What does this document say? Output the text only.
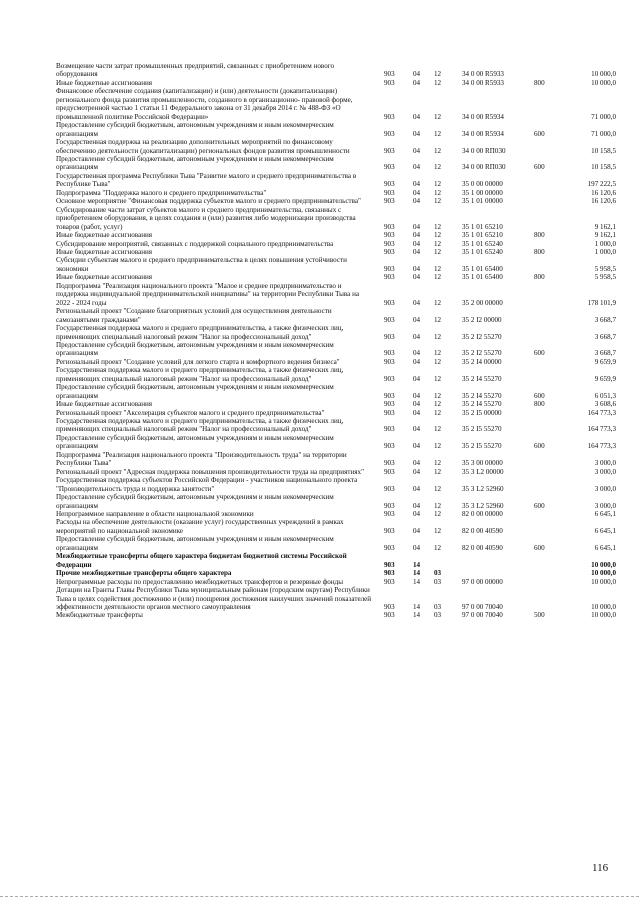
Возмещение части затрат промышленных предприятий, связанных с приобретением нового оборудования	903	04 12	34 0 00 R5933	10 000,0
Иные бюджетные ассигнования	903	04 12	34 0 00 R5933	800	10 000,0
Финансовое обеспечение создания (капитализации) и (или) деятельности (докапитализации) регионального фонда развития промышленности, созданного в организационно- правовой форме, предусмотренной частью 1 статьи 11 Федерального закона от 31 декабря 2014 г. № 488-ФЗ «О промышленной политике Российской Федерации»	903	04 12	34 0 00 R5934	71 000,0
Предоставление субсидий бюджетным, автономным учреждениям и иным некоммерческим организациям	903	04 12	34 0 00 R5934	600	71 000,0
Государственная поддержка на реализацию дополнительных мероприятий по финансовому обеспечению деятельности (докапитализации) региональных фондов развития промышленности	903	04 12	34 0 00 RП030	10 158,5
Предоставление субсидий бюджетным, автономным учреждениям и иным некоммерческим организациям	903	04 12	34 0 00 RП030	600	10 158,5
Государственная программа Республики Тыва "Развитие малого и среднего предпринимательства в Республике Тыва"	903	04 12	35 0 00 00000	197 222,5
Подпрограмма "Поддержка малого и среднего предпринимательства"	903	04 12	35 1 00 00000	16 120,6
Основное мероприятие "Финансовая поддержка субъектов малого и среднего предпринимательства"	903	04 12	35 1 01 00000	16 120,6
Субсидирование части затрат субъектов малого и среднего предпринимательства, связанных с приобретением оборудования, в целях создания и (или) развития либо модернизации производства товаров (работ, услуг)	903	04 12	35 1 01 65210	9 162,1
Иные бюджетные ассигнования	903	04 12	35 1 01 65210	800	9 162,1
Субсидирование мероприятий, связанных с поддержкой социального предпринимательства	903	04 12	35 1 01 65240	1 000,0
Иные бюджетные ассигнования	903	04 12	35 1 01 65240	800	1 000,0
Субсидии субъектам малого и среднего предпринимательства в целях повышения устойчивости экономики	903	04 12	35 1 01 65400	5 958,5
Иные бюджетные ассигнования	903	04 12	35 1 01 65400	800	5 958,5
Подпрограмма "Реализация национального проекта "Малое и среднее предпринимательство и поддержка индивидуальной предпринимательской инициативы" на территории Республики Тыва на 2022 - 2024 годы	903	04 12	35 2 00 00000	178 101,9
Региональный проект "Создание благоприятных условий для осуществления деятельности самозанятыми гражданами"	903	04 12	35 2 I2 00000	3 668,7
Государственная поддержка малого и среднего предпринимательства, а также физических лиц, применяющих специальный налоговый режим "Налог на профессиональный доход"	903	04 12	35 2 I2 55270	3 668,7
Предоставление субсидий бюджетным, автономным учреждениям и иным некоммерческим организациям	903	04 12	35 2 I2 55270	600	3 668,7
Региональный проект "Создание условий для легкого старта и комфортного ведения бизнеса"	903	04 12	35 2 I4 00000	9 659,9
Государственная поддержка малого и среднего предпринимательства, а также физических лиц, применяющих специальный налоговый режим "Налог на профессиональный доход"	903	04 12	35 2 I4 55270	9 659,9
Предоставление субсидий бюджетным, автономным учреждениям и иным некоммерческим организациям	903	04 12	35 2 I4 55270	600	6 051,3
Иные бюджетные ассигнования	903	04 12	35 2 I4 55270	800	3 608,6
Региональный проект "Акселерация субъектов малого и среднего предпринимательства"	903	04 12	35 2 I5 00000	164 773,3
Государственная поддержка малого и среднего предпринимательства, а также физических лиц, применяющих специальный налоговый режим "Налог на профессиональный доход"	903	04 12	35 2 I5 55270	164 773,3
Предоставление субсидий бюджетным, автономным учреждениям и иным некоммерческим организациям	903	04 12	35 2 I5 55270	600	164 773,3
Подпрограмма "Реализация национального проекта "Производительность труда" на территории Республики Тыва"	903	04 12	35 3 00 00000	3 000,0
Региональный проект "Адресная поддержка повышения производительности труда на предприятиях"	903	04 12	35 3 L2 00000	3 000,0
Государственная поддержка субъектов Российской Федерации - участников национального проекта "Производительность труда и поддержка занятости"	903	04 12	35 3 L2 52960	3 000,0
Предоставление субсидий бюджетным, автономным учреждениям и иным некоммерческим организациям	903	04 12	35 3 L2 52960	600	3 000,0
Непрограммное направление в области национальной экономики	903	04 12	82 0 00 00000	6 645,1
Расходы на обеспечение деятельности (оказание услуг) государственных учреждений в рамках мероприятий по национальной экономике	903	04 12	82 0 00 40590	6 645,1
Предоставление субсидий бюджетным, автономным учреждениям и иным некоммерческим организациям	903	04 12	82 0 00 40590	600	6 645,1
Межбюджетные трансферты общего характера бюджетам бюджетной системы Российской Федерации	903	14	10 000,0
Прочие межбюджетные трансферты общего характера	903	14 03	10 000,0
Непрограммные расходы по предоставлению межбюджетных трансфертов и резервные фонды	903	14 03	97 0 00 00000	10 000,0
Дотации на Гранты Главы Республики Тыва муниципальным районам (городским округам) Республики Тыва в целях содействия достижению и (или) поощрения достижения наилучших значений показателей эффективности деятельности органов местного самоуправления	903	14 03	97 0 00 70040	10 000,0
Межбюджетные трансферты	903	14 03	97 0 00 70040	500	10 000,0
116
